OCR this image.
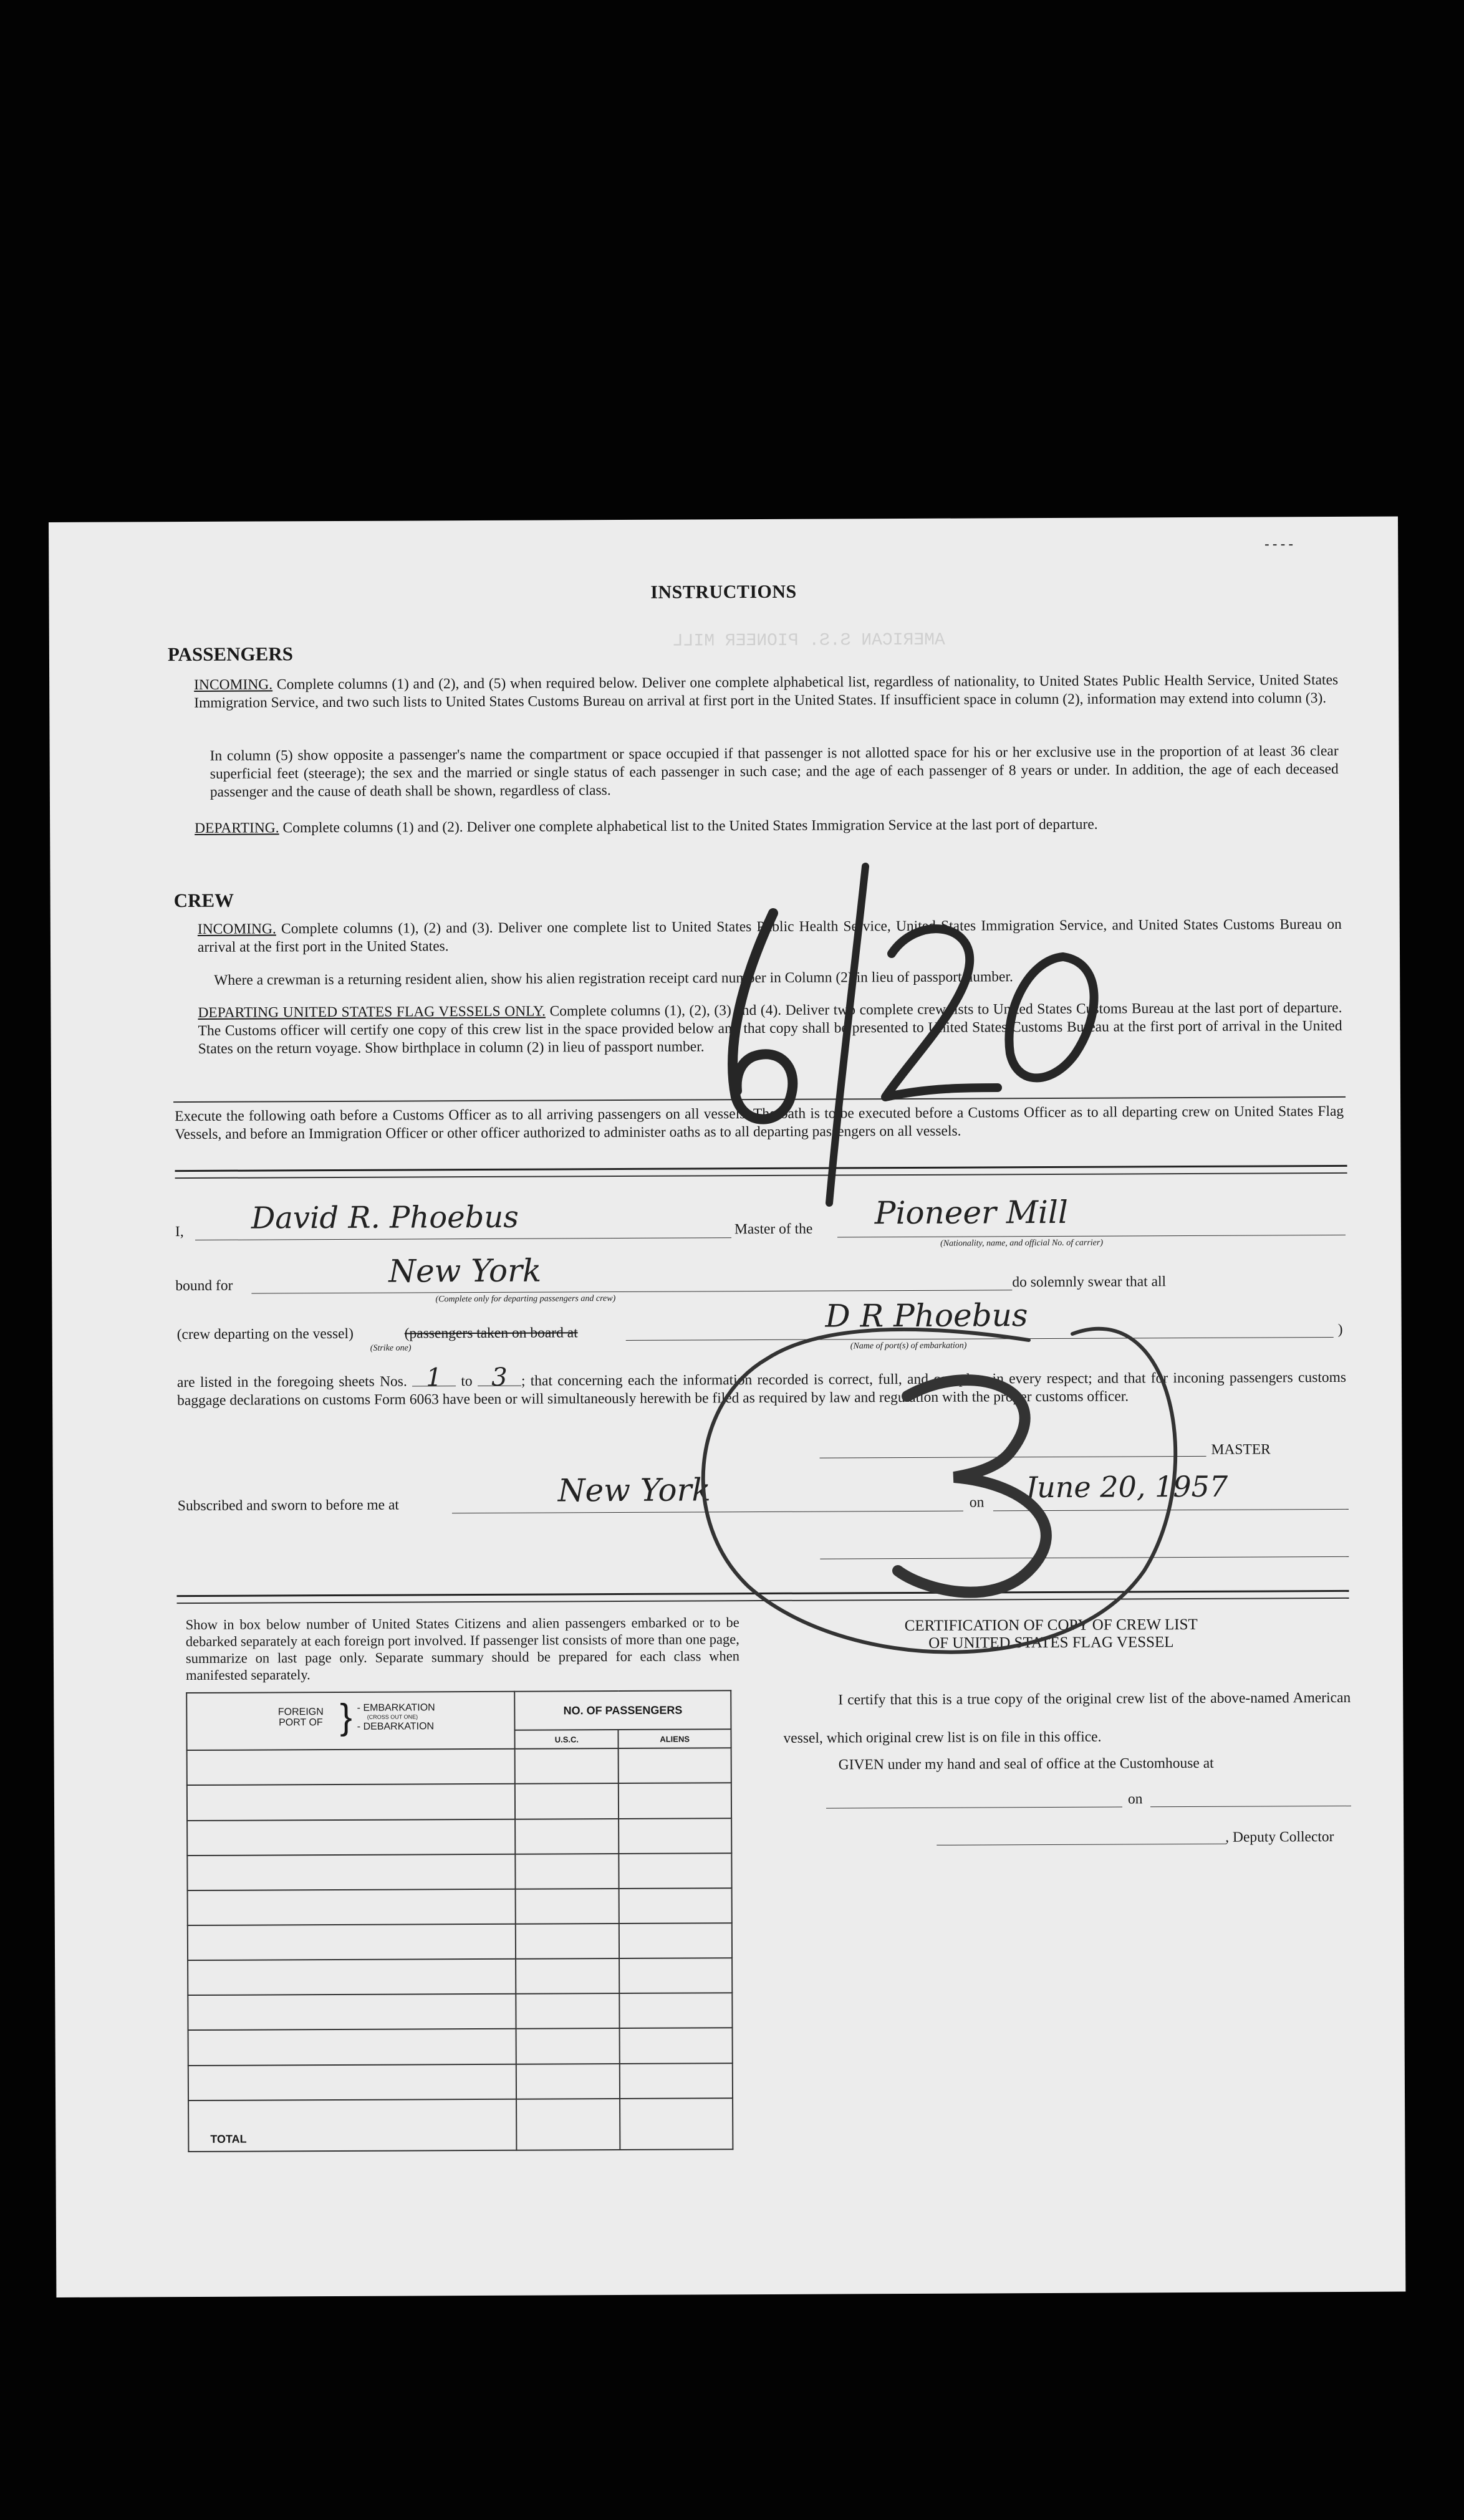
- - - -
AMERICAN S.S. PIONEER MILL
INSTRUCTIONS
PASSENGERS
INCOMING. Complete columns (1) and (2), and (5) when required below. Deliver one complete alphabetical list, regardless of nationality, to United States Public Health Service, United States Immigration Service, and two such lists to United States Customs Bureau on arrival at first port in the United States. If insufficient space in column (2), information may extend into column (3).
In column (5) show opposite a passenger's name the compartment or space occupied if that passenger is not allotted space for his or her exclusive use in the proportion of at least 36 clear superficial feet (steerage); the sex and the married or single status of each passenger in such case; and the age of each passenger of 8 years or under. In addition, the age of each deceased passenger and the cause of death shall be shown, regardless of class.
DEPARTING. Complete columns (1) and (2). Deliver one complete alphabetical list to the United States Immigration Service at the last port of departure.
CREW
INCOMING. Complete columns (1), (2) and (3). Deliver one complete list to United States Public Health Service, United States Immigration Service, and United States Customs Bureau on arrival at the first port in the United States.
Where a crewman is a returning resident alien, show his alien registration receipt card number in Column (2) in lieu of passport number.
DEPARTING UNITED STATES FLAG VESSELS ONLY. Complete columns (1), (2), (3) and (4). Deliver two complete crew lists to United States Customs Bureau at the last port of departure. The Customs officer will certify one copy of this crew list in the space provided below and that copy shall be presented to United States Customs Bureau at the first port of arrival in the United States on the return voyage. Show birthplace in column (2) in lieu of passport number.
Execute the following oath before a Customs Officer as to all arriving passengers on all vessels. The oath is to be executed before a Customs Officer as to all departing crew on United States Flag Vessels, and before an Immigration Officer or other officer authorized to administer oaths as to all departing passengers on all vessels.
I, David R. Phoebus	Master of the Pioneer Mill
(Nationality, name, and official No. of carrier)
bound for	New York
(Complete only for departing passengers and crew)
do solemnly swear that all
(crew departing on the vessel)	(passengers taken on board at
(Strike one)
D R Phoebus
(Name of port(s) of embarkation)
)
are listed in the foregoing sheets Nos. 1 to 3 ; that concerning each the information recorded is correct, full, and complete in every respect; and that for inconing passengers customs baggage declarations on customs Form 6063 have been or will simultaneously herewith be filed as required by law and regulation with the proper customs officer.
MASTER
Subscribed and sworn to before me at	New York	on June 20, 1957
Show in box below number of United States Citizens and alien passengers embarked or to be debarked separately at each foreign port involved. If passenger list consists of more than one page, summarize on last page only. Separate summary should be prepared for each class when manifested separately.
FOREIGN PORT OF } - EMBARKATION
(CROSS OUT ONE)
- DEBARKATION	NO. OF PASSENGERS	
	U.S.C.	ALIENS

TOTAL		
CERTIFICATION OF COPY OF CREW LIST
OF UNITED STATES FLAG VESSEL
I certify that this is a true copy of the original crew list of the above-named American vessel, which original crew list is on file in this office.
GIVEN under my hand and seal of office at the Customhouse at
on
, Deputy Collector
